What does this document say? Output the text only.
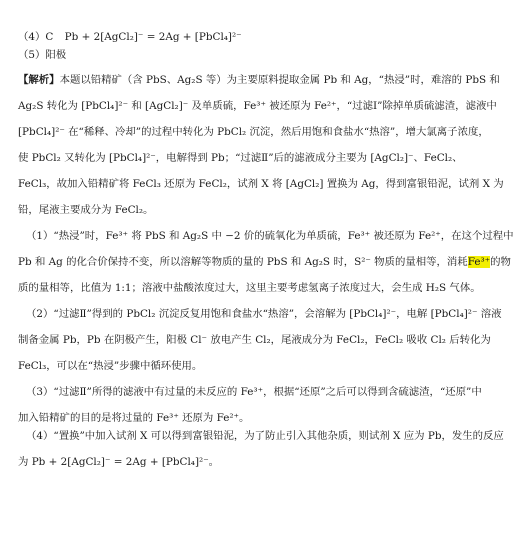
（4）C Pb + 2[AgCl₂]⁻ = 2Ag + [PbCl₄]²⁻

（5）阳极

【解析】本题以铅精矿（含 PbS、Ag₂S 等）为主要原料提取金属 Pb 和 Ag，“热浸”时，难溶的 PbS 和

Ag₂S 转化为 [PbCl₄]²⁻ 和 [AgCl₂]⁻ 及单质硫，Fe³⁺ 被还原为 Fe²⁺，“过滤Ⅰ”除掉单质硫滤渣，滤液中

[PbCl₄]²⁻ 在“稀释、冷却”的过程中转化为 PbCl₂ 沉淀，然后用饱和食盐水“热溶”，增大氯离子浓度，

使 PbCl₂ 又转化为 [PbCl₄]²⁻，电解得到 Pb；“过滤Ⅱ”后的滤液成分主要为 [AgCl₂]⁻、FeCl₂、

FeCl₃，故加入铅精矿将 FeCl₃ 还原为 FeCl₂，试剂 X 将 [AgCl₂] 置换为 Ag，得到富银铅泥，试剂 X 为

铅，尾液主要成分为 FeCl₂。

（1）“热浸”时，Fe³⁺ 将 PbS 和 Ag₂S 中 −2 价的硫氧化为单质硫，Fe³⁺ 被还原为 Fe²⁺，在这个过程中

Pb 和 Ag 的化合价保持不变，所以溶解等物质的量的 PbS 和 Ag₂S 时，S²⁻ 物质的量相等，消耗Fe³⁺的物

质的量相等，比值为 1:1；溶液中盐酸浓度过大，这里主要考虑氢离子浓度过大，会生成 H₂S 气体。

（2）“过滤Ⅱ”得到的 PbCl₂ 沉淀反复用饱和食盐水“热溶”，会溶解为 [PbCl₄]²⁻，电解 [PbCl₄]²⁻ 溶液

制备金属 Pb，Pb 在阴极产生，阳极 Cl⁻ 放电产生 Cl₂，尾液成分为 FeCl₂，FeCl₂ 吸收 Cl₂ 后转化为

FeCl₃，可以在“热浸”步骤中循环使用。

（3）“过滤Ⅱ”所得的滤液中有过量的未反应的 Fe³⁺，根据“还原”之后可以得到含硫滤渣，“还原”中

加入铅精矿的目的是将过量的 Fe³⁺ 还原为 Fe²⁺。

（4）“置换”中加入试剂 X 可以得到富银铅泥，为了防止引入其他杂质，则试剂 X 应为 Pb，发生的反应

为 Pb + 2[AgCl₂]⁻ = 2Ag + [PbCl₄]²⁻。
